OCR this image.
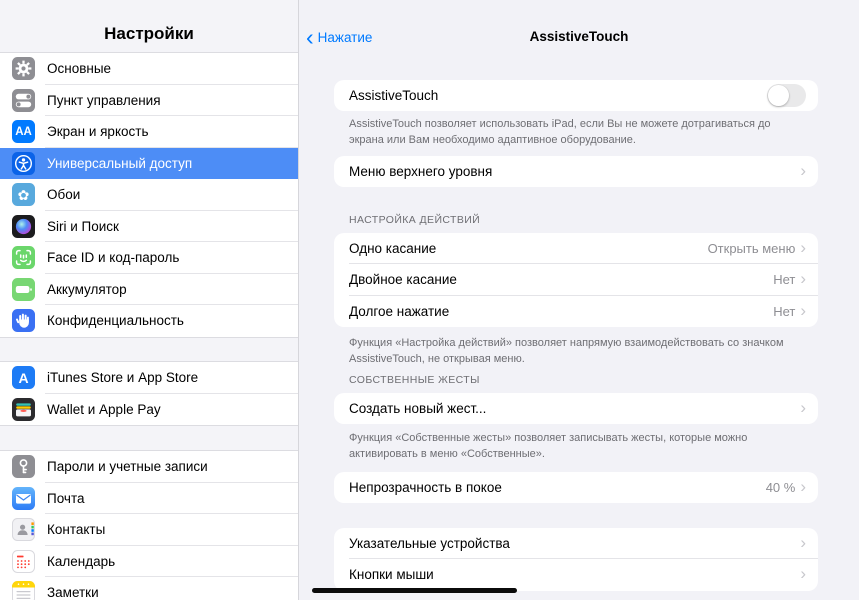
Настройки
Основные
Пункт управления
AA Экран и яркость
Универсальный доступ
✿ Обои
Siri и Поиск
Face ID и код-пароль
Аккумулятор
Конфиденциальность
A iTunes Store и App Store
Wallet и Apple Pay
Пароли и учетные записи
Почта
Контакты
Календарь
Заметки
‹ Нажатие	AssistiveTouch
AssistiveTouch
AssistiveTouch позволяет использовать iPad, если Вы не можете дотрагиваться до экрана или Вам необходимо адаптивное оборудование.
Меню верхнего уровня	›
НАСТРОЙКА ДЕЙСТВИЙ
Одно касание	Открыть меню ›
Двойное касание	Нет ›
Долгое нажатие	Нет ›
Функция «Настройка действий» позволяет напрямую взаимодействовать со значком AssistiveTouch, не открывая меню.
СОБСТВЕННЫЕ ЖЕСТЫ
Создать новый жест...	›
Функция «Собственные жесты» позволяет записывать жесты, которые можно активировать в меню «Собственные».
Непрозрачность в покое	40 % ›
Указательные устройства	›
Кнопки мыши	›
